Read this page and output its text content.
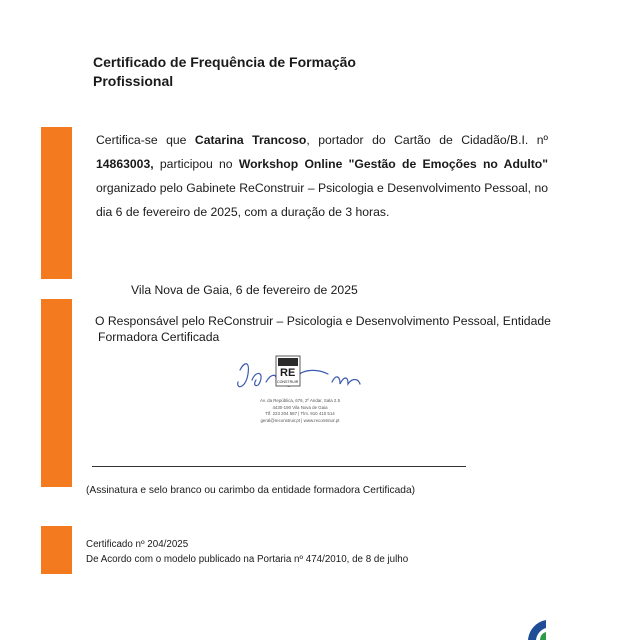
Certificado de Frequência de Formação
Profissional
Certifica-se que Catarina Trancoso, portador do Cartão de Cidadão/B.I. nº 14863003, participou no Workshop Online "Gestão de Emoções no Adulto" organizado pelo Gabinete ReConstruir – Psicologia e Desenvolvimento Pessoal, no dia 6 de fevereiro de 2025, com a duração de 3 horas.
Vila Nova de Gaia, 6 de fevereiro de 2025
O Responsável pelo ReConstruir – Psicologia e Desenvolvimento Pessoal, Entidade
Formadora Certificada
RE
CONSTRUIR
Av. da República, 676, 2º Andar, Sala 2.5
4430-190 Vila Nova de Gaia
Tlf. 223 204 587 | Tlm. 910 410 514
geral@reconstruir.pt | www.reconstruir.pt
(Assinatura e selo branco ou carimbo da entidade formadora Certificada)
Certificado nº 204/2025
De Acordo com o modelo publicado na Portaria nº 474/2010, de 8 de julho
